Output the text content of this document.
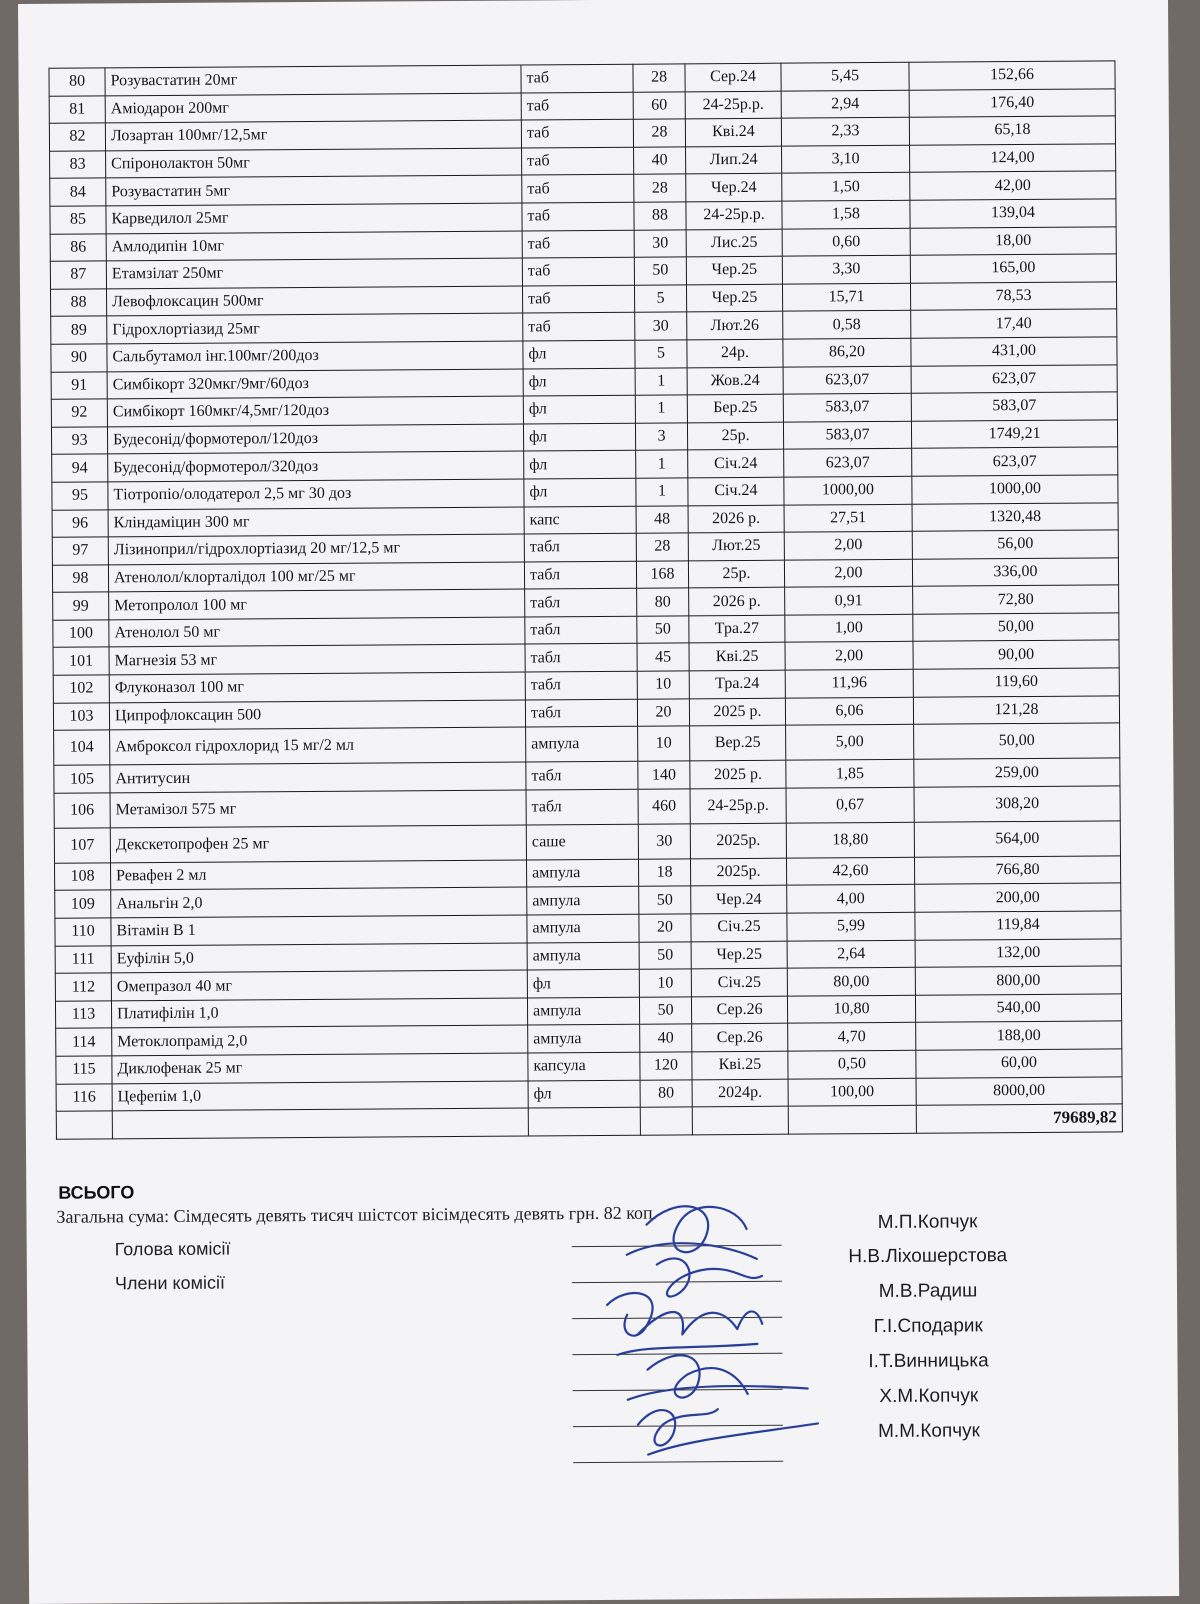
80	Розувастатин 20мг	таб	28	Сер.24	5,45	152,66
81	Аміодарон 200мг	таб	60	24-25р.р.	2,94	176,40
82	Лозартан 100мг/12,5мг	таб	28	Кві.24	2,33	65,18
83	Спіронолактон 50мг	таб	40	Лип.24	3,10	124,00
84	Розувастатин 5мг	таб	28	Чер.24	1,50	42,00
85	Карведилол 25мг	таб	88	24-25р.р.	1,58	139,04
86	Амлодипін 10мг	таб	30	Лис.25	0,60	18,00
87	Етамзілат 250мг	таб	50	Чер.25	3,30	165,00
88	Левофлоксацин 500мг	таб	5	Чер.25	15,71	78,53
89	Гідрохлортіазид 25мг	таб	30	Лют.26	0,58	17,40
90	Сальбутамол інг.100мг/200доз	фл	5	24р.	86,20	431,00
91	Симбікорт 320мкг/9мг/60доз	фл	1	Жов.24	623,07	623,07
92	Симбікорт 160мкг/4,5мг/120доз	фл	1	Бер.25	583,07	583,07
93	Будесонід/формотерол/120доз	фл	3	25р.	583,07	1749,21
94	Будесонід/формотерол/320доз	фл	1	Січ.24	623,07	623,07
95	Тіотропіо/олодатерол 2,5 мг 30 доз	фл	1	Січ.24	1000,00	1000,00
96	Кліндаміцин 300 мг	капс	48	2026 р.	27,51	1320,48
97	Лізиноприл/гідрохлортіазид 20 мг/12,5 мг	табл	28	Лют.25	2,00	56,00
98	Атенолол/клорталідол 100 мг/25 мг	табл	168	25р.	2,00	336,00
99	Метопролол 100 мг	табл	80	2026 р.	0,91	72,80
100	Атенолол 50 мг	табл	50	Тра.27	1,00	50,00
101	Магнезія 53 мг	табл	45	Кві.25	2,00	90,00
102	Флуконазол 100 мг	табл	10	Тра.24	11,96	119,60
103	Ципрофлоксацин 500	табл	20	2025 р.	6,06	121,28
104	Амброксол гідрохлорид 15 мг/2 мл	ампула	10	Вер.25	5,00	50,00
105	Антитусин	табл	140	2025 р.	1,85	259,00
106	Метамізол 575 мг	табл	460	24-25р.р.	0,67	308,20
107	Декскетопрофен 25 мг	саше	30	2025р.	18,80	564,00
108	Ревафен 2 мл	ампула	18	2025р.	42,60	766,80
109	Анальгін 2,0	ампула	50	Чер.24	4,00	200,00
110	Вітамін В 1	ампула	20	Січ.25	5,99	119,84
111	Еуфілін 5,0	ампула	50	Чер.25	2,64	132,00
112	Омепразол 40 мг	фл	10	Січ.25	80,00	800,00
113	Платифілін 1,0	ампула	50	Сер.26	10,80	540,00
114	Метоклопрамід 2,0	ампула	40	Сер.26	4,70	188,00
115	Диклофенак 25 мг	капсула	120	Кві.25	0,50	60,00
116	Цефепім 1,0	фл	80	2024р.	100,00	8000,00
						79689,82
ВСЬОГО
Загальна сума: Сімдесять девять тисяч шістсот вісімдесять девять грн. 82 коп.
Голова комісії
Члени комісії
М.П.Копчук
Н.В.Ліхошерстова
М.В.Радиш
Г.І.Сподарик
І.Т.Винницька
Х.М.Копчук
М.М.Копчук
